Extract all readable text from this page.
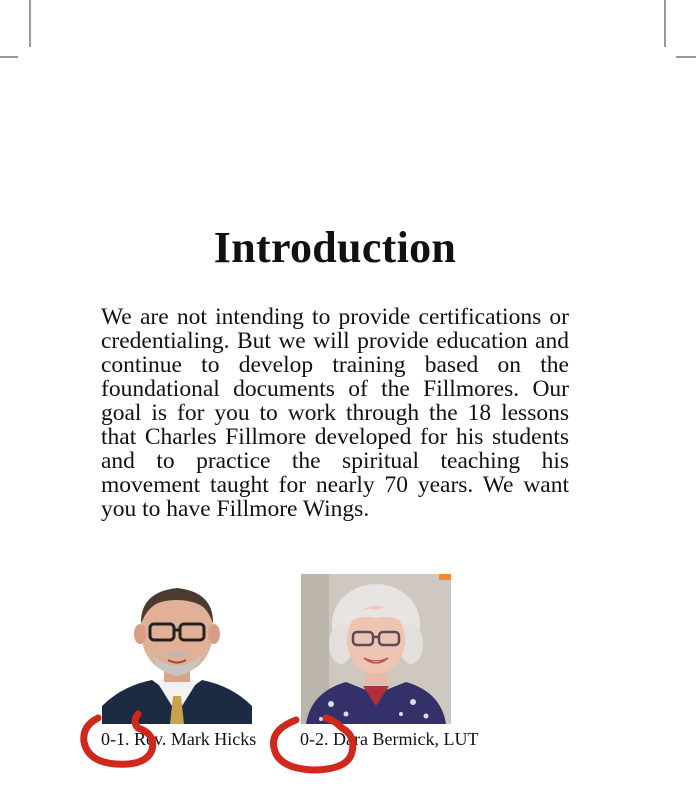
Introduction

We are not intending to provide certifications or credentialing. But we will provide education and continue to develop training based on the foundational documents of the Fillmores. Our goal is for you to work through the 18 lessons that Charles Fillmore developed for his students and to practice the spiritual teaching his movement taught for nearly 70 years. We want you to have Fillmore Wings.

0-1. Rev. Mark Hicks	0-2. Dara Bermick, LUT
